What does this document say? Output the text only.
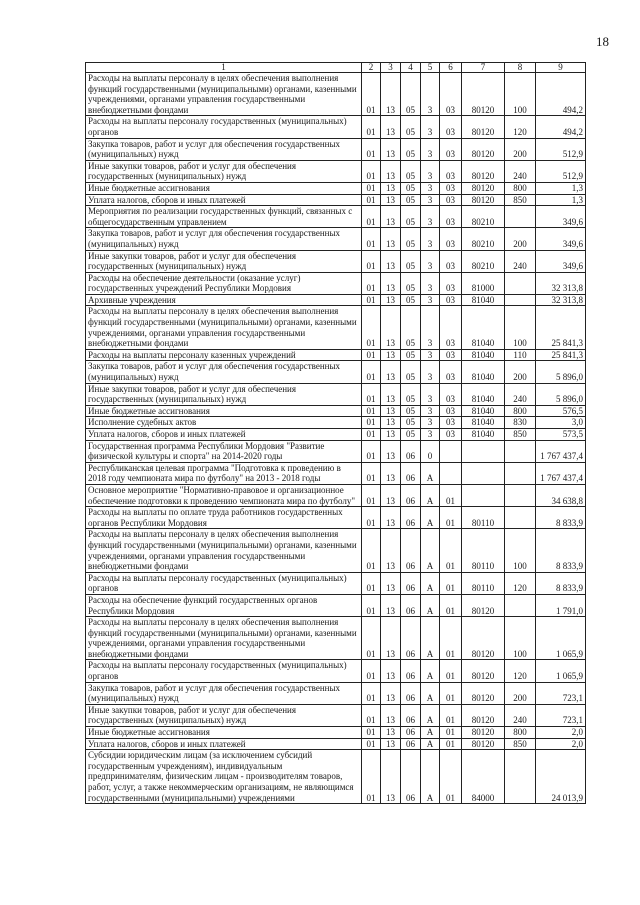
18
1	2	3	4	5	6	7	8	9
Расходы на выплаты персоналу в целях обеспечения выполнения функций государственными (муниципальными) органами, казенными учреждениями, органами управления государственными внебюджетными фондами	01	13	05	3	03	80120	100	494,2
Расходы на выплаты персоналу государственных (муниципальных) органов	01	13	05	3	03	80120	120	494,2
Закупка товаров, работ и услуг для обеспечения государственных (муниципальных) нужд	01	13	05	3	03	80120	200	512,9
Иные закупки товаров, работ и услуг для обеспечения государственных (муниципальных) нужд	01	13	05	3	03	80120	240	512,9
Иные бюджетные ассигнования	01	13	05	3	03	80120	800	1,3
Уплата налогов, сборов и иных платежей	01	13	05	3	03	80120	850	1,3
Мероприятия по реализации государственных функций, связанных с общегосударственным управлением	01	13	05	3	03	80210		349,6
Закупка товаров, работ и услуг для обеспечения государственных (муниципальных) нужд	01	13	05	3	03	80210	200	349,6
Иные закупки товаров, работ и услуг для обеспечения государственных (муниципальных) нужд	01	13	05	3	03	80210	240	349,6
Расходы на обеспечение деятельности (оказание услуг) государственных учреждений Республики Мордовия	01	13	05	3	03	81000		32 313,8
Архивные учреждения	01	13	05	3	03	81040		32 313,8
Расходы на выплаты персоналу в целях обеспечения выполнения функций государственными (муниципальными) органами, казенными учреждениями, органами управления государственными внебюджетными фондами	01	13	05	3	03	81040	100	25 841,3
Расходы на выплаты персоналу казенных учреждений	01	13	05	3	03	81040	110	25 841,3
Закупка товаров, работ и услуг для обеспечения государственных (муниципальных) нужд	01	13	05	3	03	81040	200	5 896,0
Иные закупки товаров, работ и услуг для обеспечения государственных (муниципальных) нужд	01	13	05	3	03	81040	240	5 896,0
Иные бюджетные ассигнования	01	13	05	3	03	81040	800	576,5
Исполнение судебных актов	01	13	05	3	03	81040	830	3,0
Уплата налогов, сборов и иных платежей	01	13	05	3	03	81040	850	573,5
Государственная программа Республики Мордовия "Развитие физической культуры и спорта" на 2014-2020 годы	01	13	06	0				1 767 437,4
Республиканская целевая программа "Подготовка к проведению в 2018 году чемпионата мира по футболу" на 2013 - 2018 годы	01	13	06	А				1 767 437,4
Основное мероприятие "Нормативно-правовое и организационное обеспечение подготовки к проведению чемпионата мира по футболу"	01	13	06	А	01			34 638,8
Расходы на выплаты по оплате труда работников государственных органов Республики Мордовия	01	13	06	А	01	80110		8 833,9
Расходы на выплаты персоналу в целях обеспечения выполнения функций государственными (муниципальными) органами, казенными учреждениями, органами управления государственными внебюджетными фондами	01	13	06	А	01	80110	100	8 833,9
Расходы на выплаты персоналу государственных (муниципальных) органов	01	13	06	А	01	80110	120	8 833,9
Расходы на обеспечение функций государственных органов Республики Мордовия	01	13	06	А	01	80120		1 791,0
Расходы на выплаты персоналу в целях обеспечения выполнения функций государственными (муниципальными) органами, казенными учреждениями, органами управления государственными внебюджетными фондами	01	13	06	А	01	80120	100	1 065,9
Расходы на выплаты персоналу государственных (муниципальных) органов	01	13	06	А	01	80120	120	1 065,9
Закупка товаров, работ и услуг для обеспечения государственных (муниципальных) нужд	01	13	06	А	01	80120	200	723,1
Иные закупки товаров, работ и услуг для обеспечения государственных (муниципальных) нужд	01	13	06	А	01	80120	240	723,1
Иные бюджетные ассигнования	01	13	06	А	01	80120	800	2,0
Уплата налогов, сборов и иных платежей	01	13	06	А	01	80120	850	2,0
Субсидии юридическим лицам (за исключением субсидий государственным учреждениям), индивидуальным предпринимателям, физическим лицам - производителям товаров, работ, услуг, а также некоммерческим организациям, не являющимся государственными (муниципальными) учреждениями	01	13	06	А	01	84000		24 013,9
